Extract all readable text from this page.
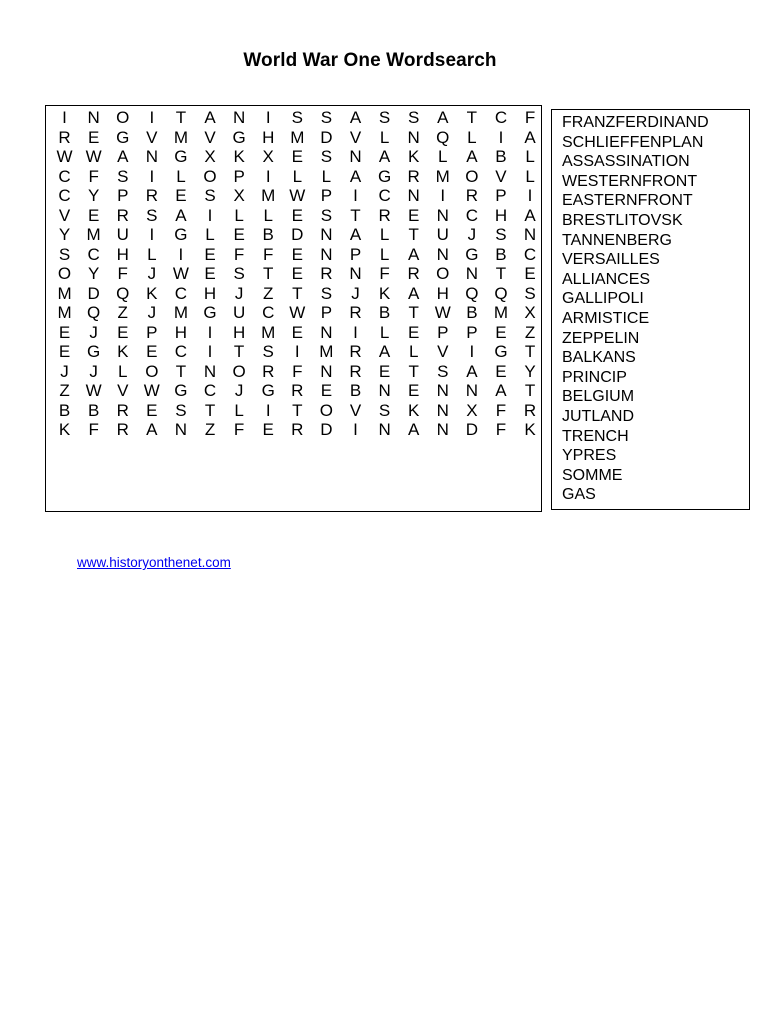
World War One Wordsearch
I	N O	I	T	A	N	I	S	S	A	S	S	A	T	C	F
R	E G V M V G H M D	V	L	N Q	L	I	A
W W A	N G X	K	X	E	S	N	A	K	L	A	B	L
C	F	S	I	L	O P	I	L	L	A G R M O V	L
C	Y	P	R	E	S	X M W P	I	C N	I	R	P	I
V	E	R	S	A	I	L	L	E	S	T	R	E	N C H	A
Y M U	I	G	L	E	B	D N	A	L	T	U	J	S	N
S	C H	L	I	E	F	F	E	N	P	L	A	N G B	C
O Y	F	J W E	S	T	E	R N	F	R O N	T	E
M D Q K	C H	J	Z	T	S	J	K	A	H Q Q S
M Q	Z	J	M G U C W P	R	B	T W B M X
E	J	E	P	H	I	H M E	N	I	L	E	P	P	E	Z
E G K	E	C	I	T	S	I	M R	A	L	V	I	G	T
J	J	L	O	T	N O R	F	N R	E	T	S	A	E	Y
Z W V W G C	J	G R	E	B	N	E	N N	A	T
B	B	R	E	S	T	L	I	T	O V	S	K	N	X	F	R
K	F	R	A	N	Z	F	E	R D	I	N	A	N D	F	K
FRANZFERDINAND
SCHLIEFFENPLAN
ASSASSINATION
WESTERNFRONT
EASTERNFRONT
BRESTLITOVSK
TANNENBERG
VERSAILLES
ALLIANCES
GALLIPOLI
ARMISTICE
ZEPPELIN
BALKANS
PRINCIP
BELGIUM
JUTLAND
TRENCH
YPRES
SOMME
GAS
www.historyonthenet.com
